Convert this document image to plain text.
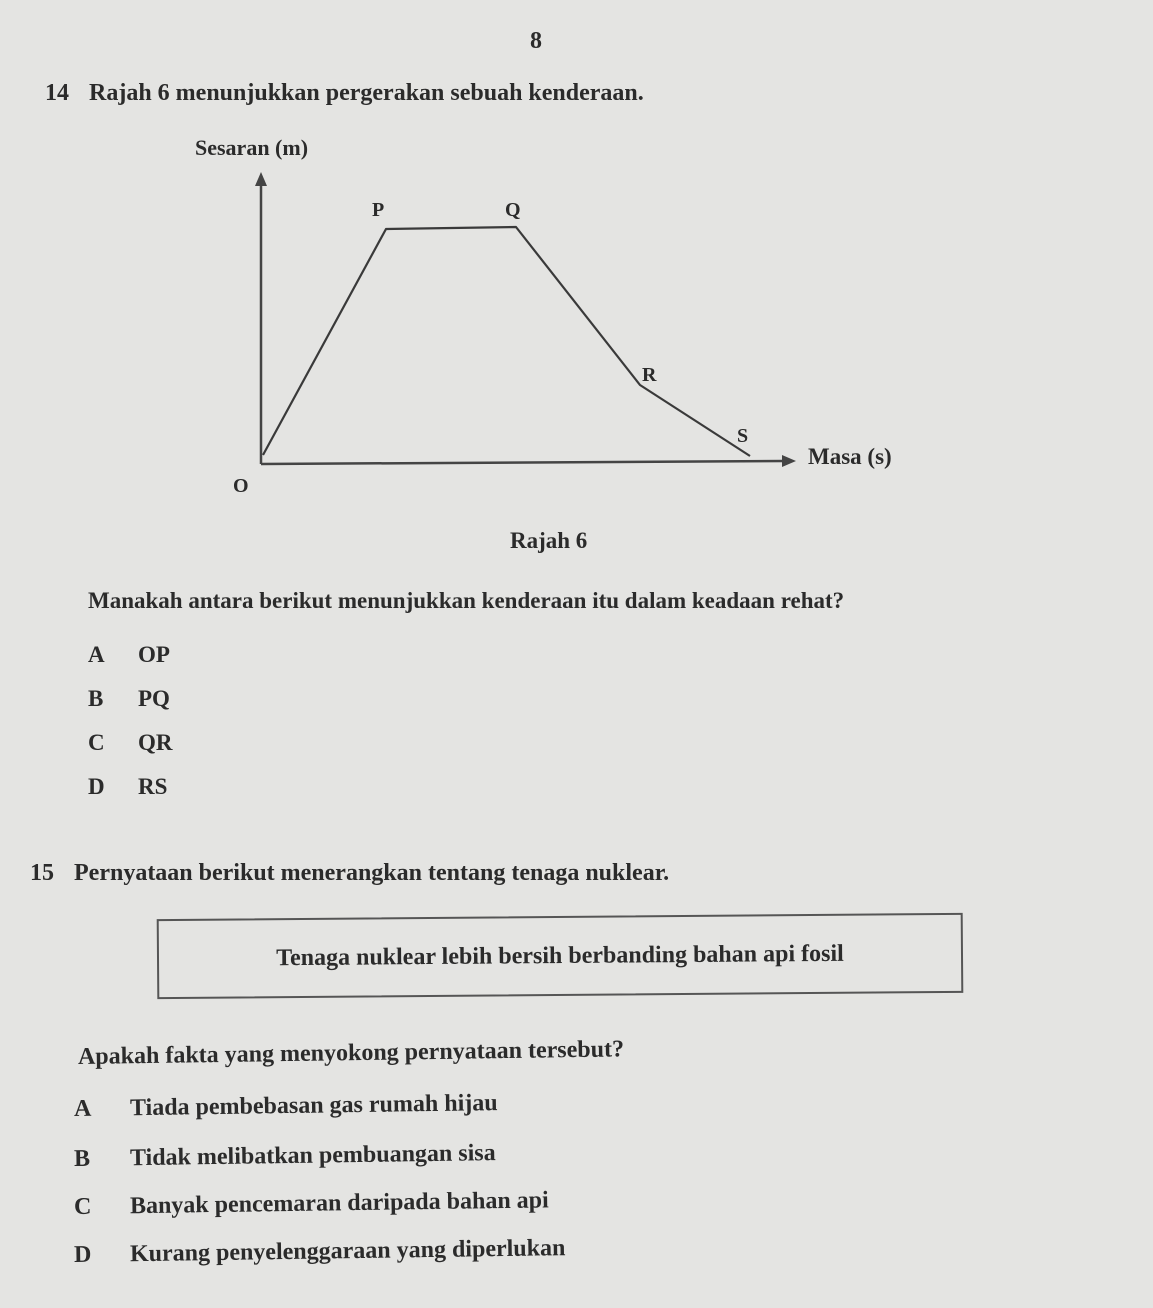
8
14 Rajah 6 menunjukkan pergerakan sebuah kenderaan.
Sesaran (m)
Masa (s)
O
P	Q
R
S
Rajah 6
Manakah antara berikut menunjukkan kenderaan itu dalam keadaan rehat?
A	OP
B	PQ
C	QR
D	RS
15 Pernyataan berikut menerangkan tentang tenaga nuklear.
Tenaga nuklear lebih bersih berbanding bahan api fosil
Apakah fakta yang menyokong pernyataan tersebut?
A	Tiada pembebasan gas rumah hijau
B	Tidak melibatkan pembuangan sisa
C	Banyak pencemaran daripada bahan api
D	Kurang penyelenggaraan yang diperlukan
